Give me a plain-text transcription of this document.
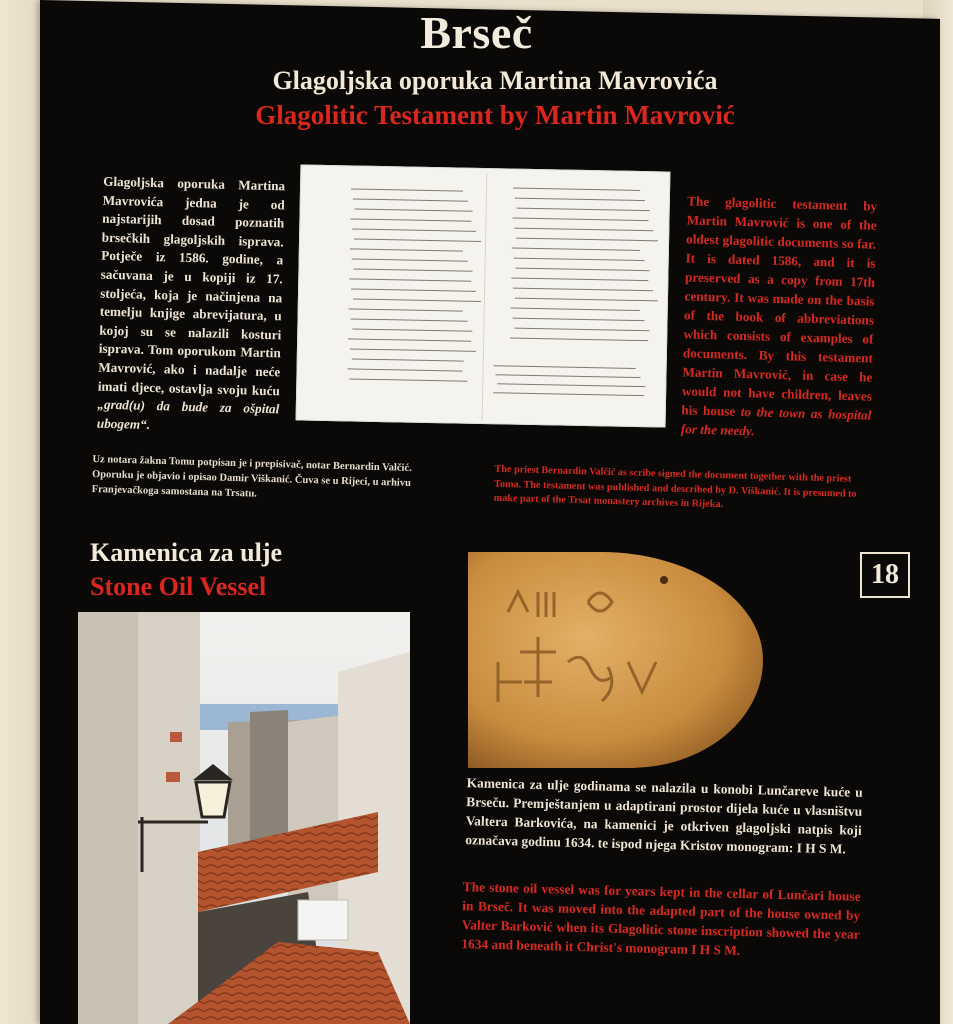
Brseč
Glagoljska oporuka Martina Mavrovića
Glagolitic Testament by Martin Mavrović
Glagoljska oporuka Martina Mavrovića jedna je od najstarijih dosad poznatih brsečkih glagoljskih isprava. Potječe iz 1586. godine, a sačuvana je u kopiji iz 17. stoljeća, koja je načinjena na temelju knjige abrevijatura, u kojoj su se nalazili kosturi isprava. Tom oporukom Martin Mavrović, ako i nadalje neće imati djece, ostavlja svoju kuću „grad(u) da bude za ošpital ubogem“.
The glagolitic testament by Martin Mavrović is one of the oldest glagolitic documents so far. It is dated 1586, and it is preserved as a copy from 17th century. It was made on the basis of the book of abbreviations which consists of examples of documents. By this testament Martin Mavrović, in case he would not have children, leaves his house to the town as hospital for the needy.
Uz notara žakna Tomu potpisan je i prepisivač, notar Bernardin Valčić. Oporuku je objavio i opisao Damir Viškanić. Čuva se u Rijeci, u arhivu Franjevačkoga samostana na Trsatu.
The priest Bernardin Valčić as scribe signed the document together with the priest Toma. The testament was published and described by D. Viškanić. It is presumed to make part of the Trsat monastery archives in Rijeka.
Kamenica za ulje
Stone Oil Vessel	18
Kamenica za ulje godinama se nalazila u konobi Lunčareve kuće u Brseču. Premještanjem u adaptirani prostor dijela kuće u vlasništvu Valtera Barkovića, na kamenici je otkriven glagoljski natpis koji označava godinu 1634. te ispod njega Kristov monogram: I H S M.
The stone oil vessel was for years kept in the cellar of Lunčari house in Brseč. It was moved into the adapted part of the house owned by Valter Barković when its Glagolitic stone inscription showed the year 1634 and beneath it Christ's monogram I H S M.
